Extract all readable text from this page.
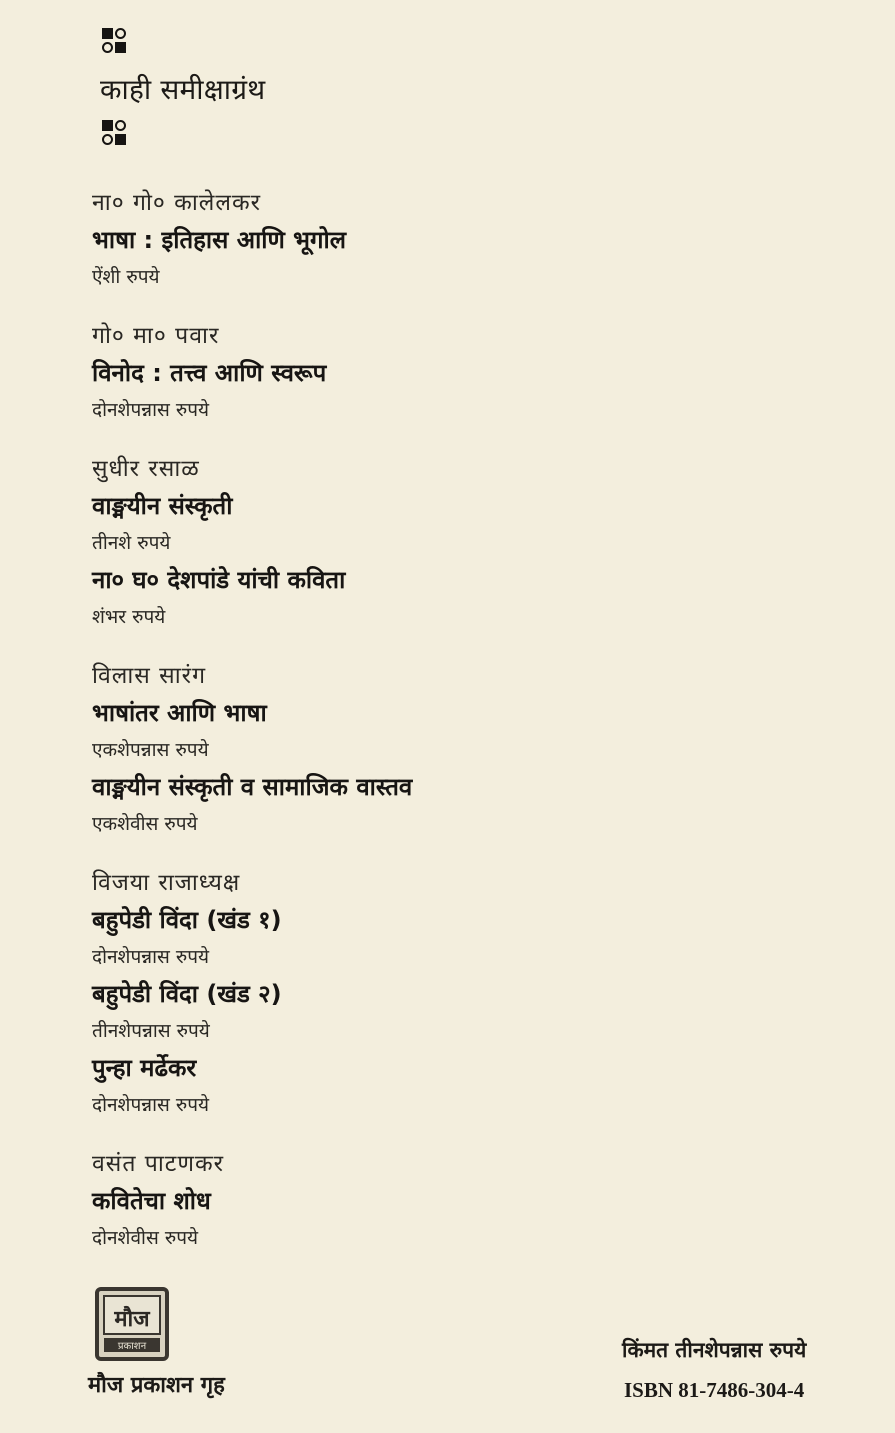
काही समीक्षाग्रंथ
ना० गो० कालेलकर
भाषा : इतिहास आणि भूगोल
ऐंशी रुपये
गो० मा० पवार
विनोद : तत्त्व आणि स्वरूप
दोनशेपन्नास रुपये
सुधीर रसाळ
वाङ्मयीन संस्कृती
तीनशे रुपये
ना० घ० देशपांडे यांची कविता
शंभर रुपये
विलास सारंग
भाषांतर आणि भाषा
एकशेपन्नास रुपये
वाङ्मयीन संस्कृती व सामाजिक वास्तव
एकशेवीस रुपये
विजया राजाध्यक्ष
बहुपेडी विंदा (खंड १)
दोनशेपन्नास रुपये
बहुपेडी विंदा (खंड २)
तीनशेपन्नास रुपये
पुन्हा मर्ढेकर
दोनशेपन्नास रुपये
वसंत पाटणकर
कवितेचा शोध
दोनशेवीस रुपये
मौज
प्रकाशन
मौज प्रकाशन गृह
किंमत तीनशेपन्नास रुपये
ISBN 81-7486-304-4
